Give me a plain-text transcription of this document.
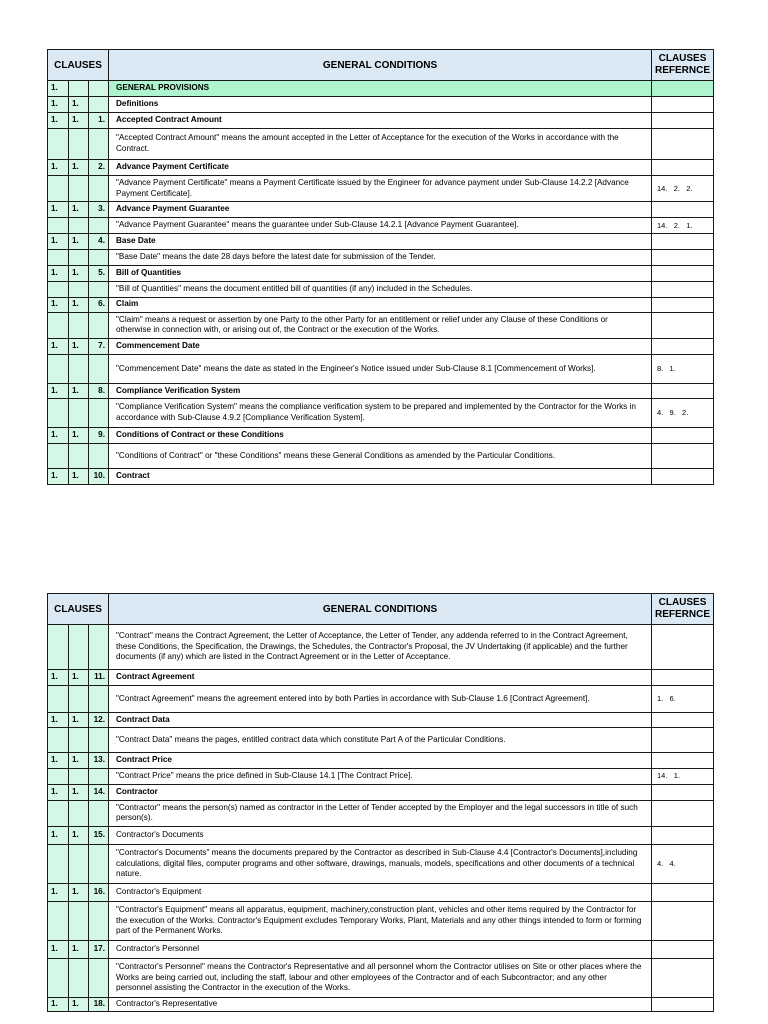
CLAUSES			GENERAL CONDITIONS	CLAUSES
REFERNCE
1.			GENERAL PROVISIONS	
1.	1.		Definitions	
1.	1.	1.	Accepted Contract Amount	
			"Accepted Contract Amount" means the amount accepted in the Letter of Acceptance for the execution of the Works in accordance with the Contract.	
1.	1.	2.	Advance Payment Certificate	
			"Advance Payment Certificate" means a Payment Certificate issued by the Engineer for advance payment under Sub-Clause 14.2.2 [Advance Payment Certificate].	14.   2.   2.
1.	1.	3.	Advance Payment Guarantee	
			"Advance Payment Guarantee" means the guarantee under Sub-Clause 14.2.1 [Advance Payment Guarantee].	14.   2.   1.
1.	1.	4.	Base Date	
			"Base Date" means the date 28 days before the latest date for submission of the Tender.	
1.	1.	5.	Bill of Quantities	
			"Bill of Quantities" means the document entitled bill of quantities (if any) included in the Schedules.	
1.	1.	6.	Claim	
			"Claim" means a request or assertion by one Party to the other Party for an entitlement or relief under any Clause of these Conditions or otherwise in connection with, or arising out of, the Contract or the execution of the Works.	
1.	1.	7.	Commencement Date	
			"Commencement Date" means the date as stated in the Engineer's Notice issued under Sub-Clause 8.1 [Commencement of Works].	8.   1.
1.	1.	8.	Compliance Verification System	
			"Compliance Verification System" means the compliance verification system to be prepared and implemented by the Contractor for the Works in accordance with Sub-Clause 4.9.2 [Compliance Verification System].	4.   9.   2.
1.	1.	9.	Conditions of Contract or these Conditions	
			"Conditions of Contract" or "these Conditions" means these General Conditions as amended by the Particular Conditions.	
1.	1.	10.	Contract	
CLAUSES			GENERAL CONDITIONS	CLAUSES
REFERNCE
			"Contract" means the Contract Agreement, the Letter of Acceptance, the Letter of Tender, any addenda referred to in the Contract Agreement, these Conditions, the Specification, the Drawings, the Schedules, the Contractor's Proposal, the JV Undertaking (if applicable) and the further documents (if any) which are listed in the Contract Agreement or in the Letter of Acceptance.	
1.	1.	11.	Contract Agreement	
			"Contract Agreement" means the agreement entered into by both Parties in accordance with Sub-Clause 1.6 [Contract Agreement].	1.   6.
1.	1.	12.	Contract Data	
			"Contract Data" means the pages, entitled contract data which constitute Part A of the Particular Conditions.	
1.	1.	13.	Contract Price	
			"Contract Price" means the price defined in Sub-Clause 14.1 [The Contract Price].	14.   1.
1.	1.	14.	Contractor	
			"Contractor" means the person(s) named as contractor in the Letter of Tender accepted by the Employer and the legal successors in title of such person(s).	
1.	1.	15.	Contractor's Documents	
			"Contractor's Documents" means the documents prepared by the Contractor as described in Sub-Clause 4.4 [Contractor's Documents],including calculations, digital files, computer programs and other software, drawings, manuals, models, specifications and other documents of a technical nature.	4.   4.
1.	1.	16.	Contractor's Equipment	
			"Contractor's Equipment" means all apparatus, equipment, machinery,construction plant, vehicles and other items required by the Contractor for the execution of the Works. Contractor's Equipment excludes Temporary Works, Plant, Materials and any other things intended to form or forming part of the Permanent Works.	
1.	1.	17.	Contractor's Personnel	
			"Contractor's Personnel" means the Contractor's Representative and all personnel whom the Contractor utilises on Site or other places where the Works are being carried out, including the staff, labour and other employees of the Contractor and of each Subcontractor; and any other personnel assisting the Contractor in the execution of the Works.	
1.	1.	18.	Contractor's Representative	
